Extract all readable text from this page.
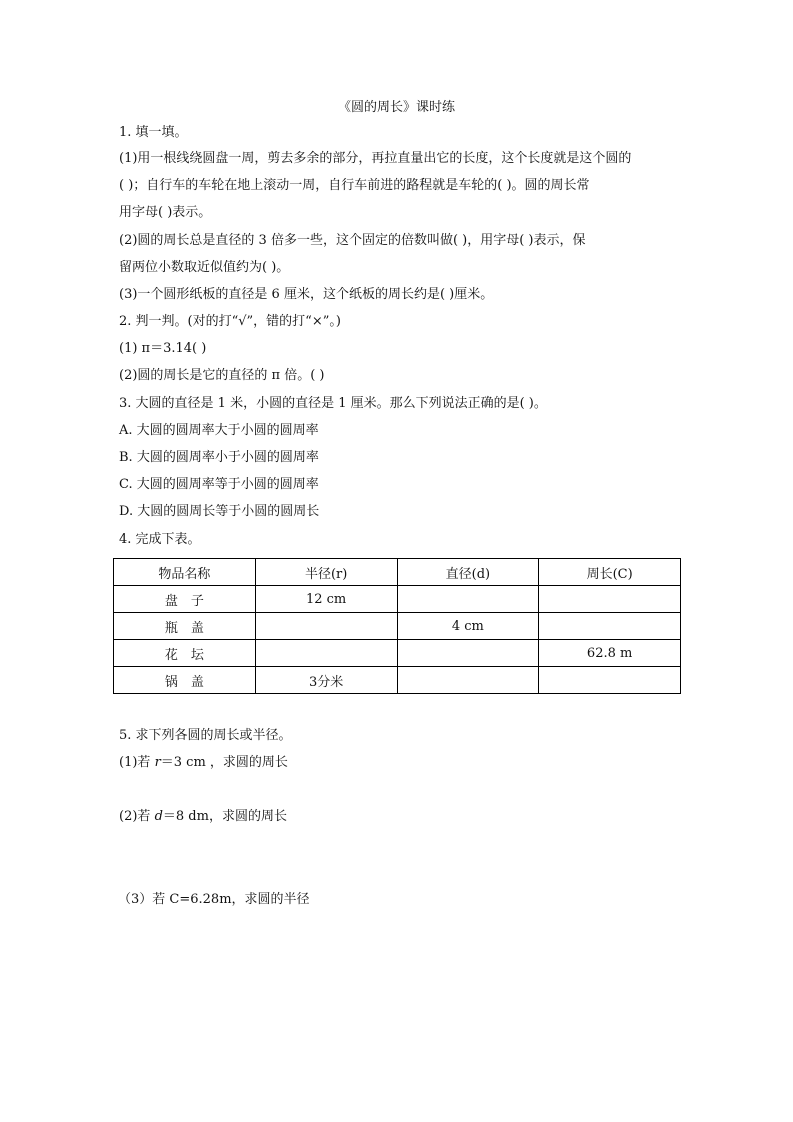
《圆的周长》课时练
1. 填一填。
(1)用一根线绕圆盘一周，剪去多余的部分，再拉直量出它的长度，这个长度就是这个圆的
( )；自行车的车轮在地上滚动一周，自行车前进的路程就是车轮的( )。圆的周长常
用字母( )表示。
(2)圆的周长总是直径的 3 倍多一些，这个固定的倍数叫做( )，用字母( )表示，保
留两位小数取近似值约为( )。
(3)一个圆形纸板的直径是 6 厘米，这个纸板的周长约是( )厘米。
2. 判一判。(对的打“√”，错的打“×”。)
(1) π＝3.14( )
(2)圆的周长是它的直径的 π 倍。( )
3. 大圆的直径是 1 米，小圆的直径是 1 厘米。那么下列说法正确的是( )。
A. 大圆的圆周率大于小圆的圆周率
B. 大圆的圆周率小于小圆的圆周率
C. 大圆的圆周率等于小圆的圆周率
D. 大圆的圆周长等于小圆的圆周长
4. 完成下表。
物品名称	半径(r)	直径(d)	周长(C)
盘　子	12 cm		
瓶　盖		4 cm	
花　坛			62.8 m
锅　盖	3分米		
5. 求下列各圆的周长或半径。
(1)若 r＝3 cm ，求圆的周长
(2)若 d＝8 dm，求圆的周长
（3）若 C=6.28m，求圆的半径
